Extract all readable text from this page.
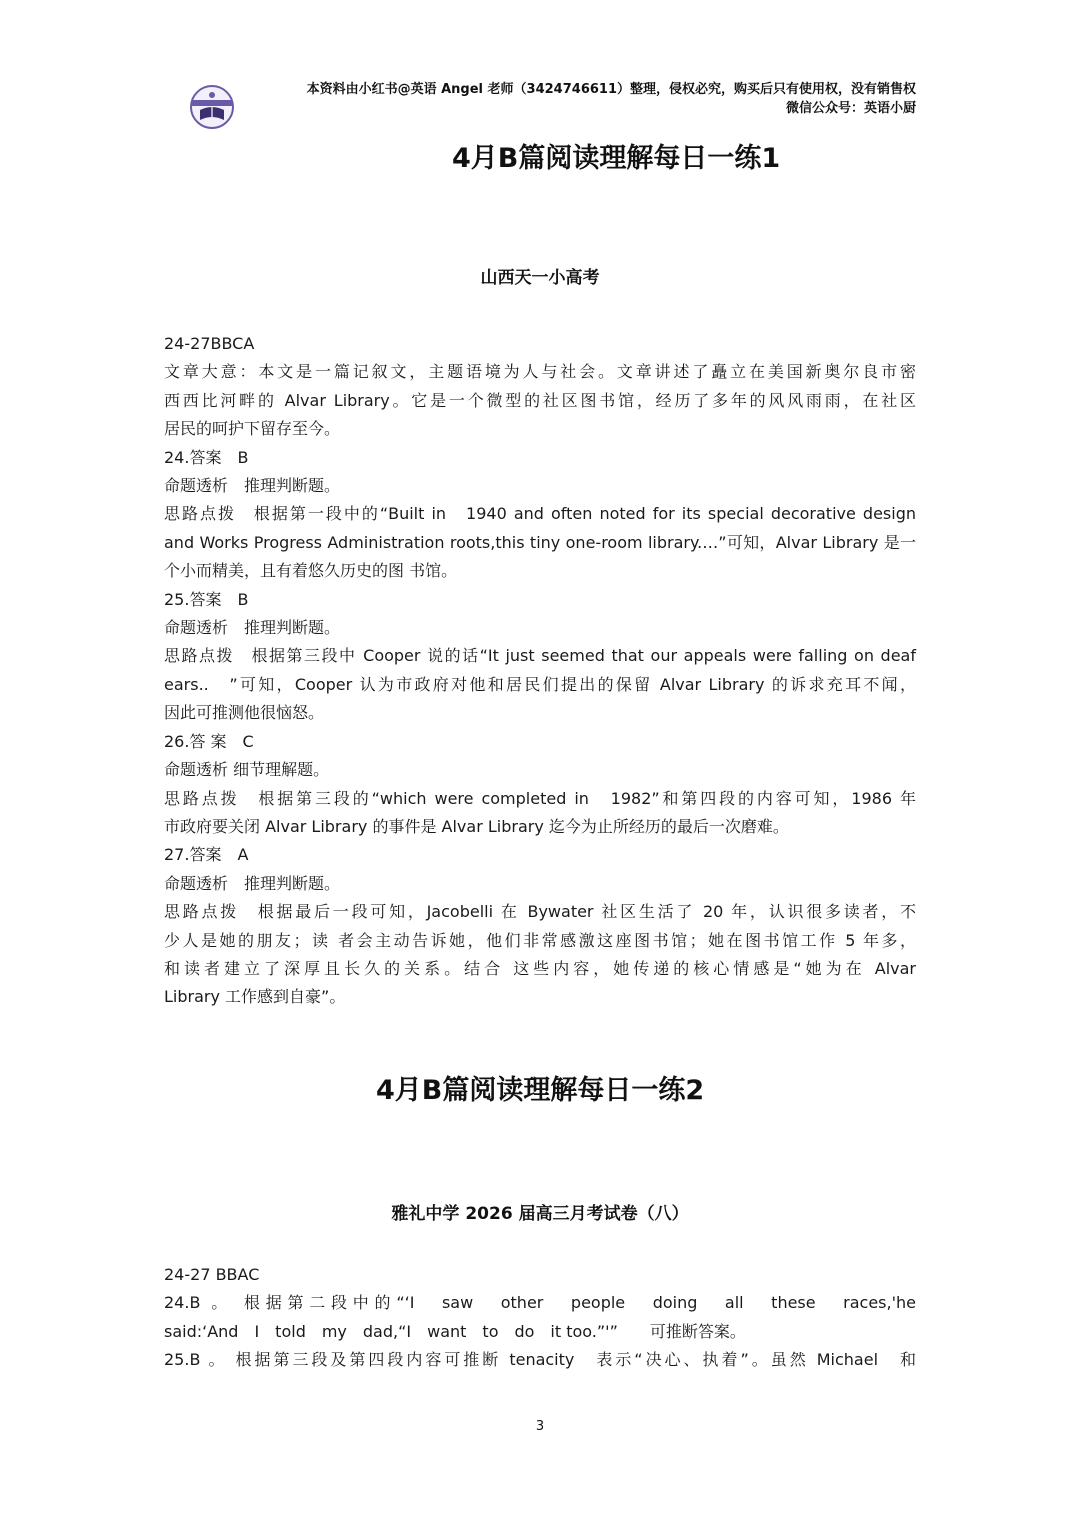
本资料由小红书@英语 Angel 老师（3424746611）整理，侵权必究，购买后只有使用权，没有销售权
微信公众号：英语小厨
4月B篇阅读理解每日一练1
山西天一小高考

24-27BBCA

文章大意：本文是一篇记叙文，主题语境为人与社会。文章讲述了矗立在美国新奥尔良市密

西西比河畔的 Alvar Library。它是一个微型的社区图书馆，经历了多年的风风雨雨，在社区

居民的呵护下留存至今。

24.答案　B

命题透析　推理判断题。

思路点拨　根据第一段中的“Built in　1940 and often noted for its special decorative design

and Works Progress Administration roots,this tiny one-room library.…”可知，Alvar Library 是一

个小而精美，且有着悠久历史的图 书馆。

25.答案　B

命题透析　推理判断题。

思路点拨　根据第三段中 Cooper 说的话“It just seemed that our appeals were falling on deaf

ears..　”可知，Cooper 认为市政府对他和居民们提出的保留 Alvar Library 的诉求充耳不闻，

因此可推测他很恼怒。

26.答 案　C

命题透析 细节理解题。

思路点拨　根据第三段的“which were completed in　1982”和第四段的内容可知，1986 年

市政府要关闭 Alvar Library 的事件是 Alvar Library 迄今为止所经历的最后一次磨难。

27.答案　A

命题透析　推理判断题。

思路点拨　根据最后一段可知，Jacobelli 在 Bywater 社区生活了 20 年，认识很多读者，不

少人是她的朋友；读 者会主动告诉她，他们非常感激这座图书馆；她在图书馆工作 5 年多，

和读者建立了深厚且长久的关系。结合 这些内容，她传递的核心情感是“她为在 Alvar

Library 工作感到自豪”。

4月B篇阅读理解每日一练2
雅礼中学 2026 届高三月考试卷（八）

24-27 BBAC

24.B 。 根据第二段中的“‘I　saw　other　people　doing　all　these　races,'he

said:‘And　I　told　my　dad,“I　want　to　do　it too.”'”　　可推断答案。

25.B 。 根据第三段及第四段内容可推断 tenacity　表示“决心、执着”。虽然 Michael　和

3
